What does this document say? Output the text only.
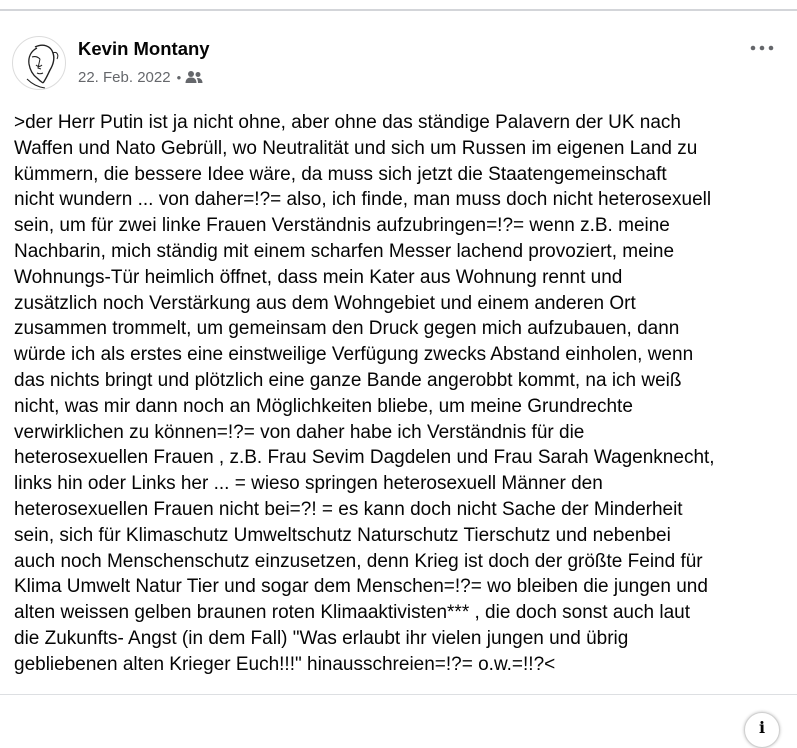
Kevin Montany
22. Feb. 2022 •
>der Herr Putin ist ja nicht ohne, aber ohne das ständige Palavern der UK nach
Waffen und Nato Gebrüll, wo Neutralität und sich um Russen im eigenen Land zu
kümmern, die bessere Idee wäre, da muss sich jetzt die Staatengemeinschaft
nicht wundern ... von daher=!?= also, ich finde, man muss doch nicht heterosexuell
sein, um für zwei linke Frauen Verständnis aufzubringen=!?= wenn z.B. meine
Nachbarin, mich ständig mit einem scharfen Messer lachend provoziert, meine
Wohnungs-Tür heimlich öffnet, dass mein Kater aus Wohnung rennt und
zusätzlich noch Verstärkung aus dem Wohngebiet und einem anderen Ort
zusammen trommelt, um gemeinsam den Druck gegen mich aufzubauen, dann
würde ich als erstes eine einstweilige Verfügung zwecks Abstand einholen, wenn
das nichts bringt und plötzlich eine ganze Bande angerobbt kommt, na ich weiß
nicht, was mir dann noch an Möglichkeiten bliebe, um meine Grundrechte
verwirklichen zu können=!?= von daher habe ich Verständnis für die
heterosexuellen Frauen , z.B. Frau Sevim Dagdelen und Frau Sarah Wagenknecht,
links hin oder Links her ... = wieso springen heterosexuell Männer den
heterosexuellen Frauen nicht bei=?! = es kann doch nicht Sache der Minderheit
sein, sich für Klimaschutz Umweltschutz Naturschutz Tierschutz und nebenbei
auch noch Menschenschutz einzusetzen, denn Krieg ist doch der größte Feind für
Klima Umwelt Natur Tier und sogar dem Menschen=!?= wo bleiben die jungen und
alten weissen gelben braunen roten Klimaaktivisten*** , die doch sonst auch laut
die Zukunfts- Angst (in dem Fall) "Was erlaubt ihr vielen jungen und übrig
gebliebenen alten Krieger Euch!!!" hinausschreien=!?= o.w.=!!?<
i
